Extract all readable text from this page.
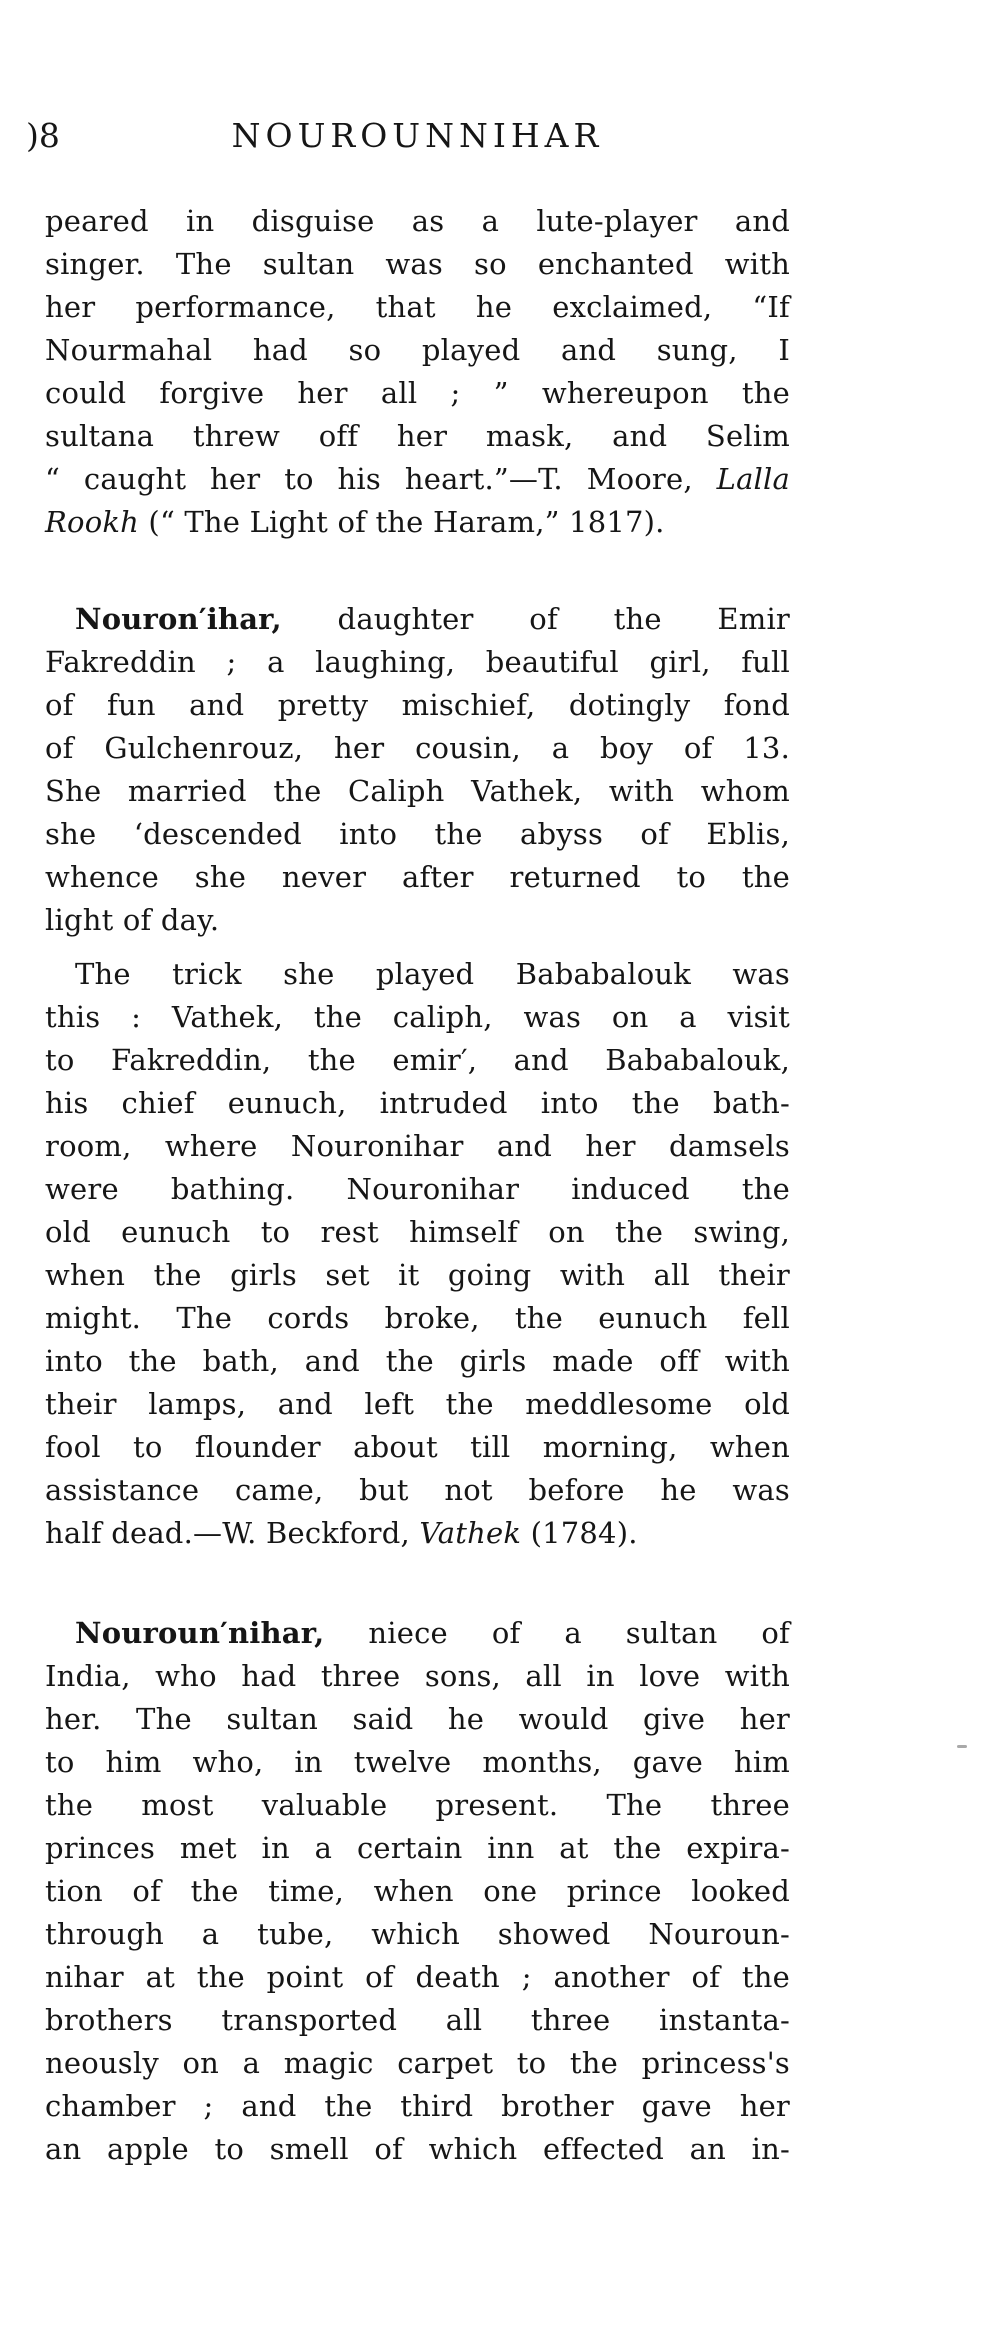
)8	NOUROUNNIHAR
peared in disguise as a lute-player and
singer. The sultan was so enchanted with
her performance, that he exclaimed, “If
Nourmahal had so played and sung, I
could forgive her all ; ” whereupon the
sultana threw off her mask, and Selim
“ caught her to his heart.”—T. Moore, Lalla
Rookh (“ The Light of the Haram,” 1817).
Nouron′ihar, daughter of the Emir
Fakreddin ; a laughing, beautiful girl, full
of fun and pretty mischief, dotingly fond
of Gulchenrouz, her cousin, a boy of 13.
She married the Caliph Vathek, with whom
she ‘descended into the abyss of Eblis,
whence she never after returned to the
light of day.
The trick she played Bababalouk was
this : Vathek, the caliph, was on a visit
to Fakreddin, the emir′, and Bababalouk,
his chief eunuch, intruded into the bath-
room, where Nouronihar and her damsels
were bathing. Nouronihar induced the
old eunuch to rest himself on the swing,
when the girls set it going with all their
might. The cords broke, the eunuch fell
into the bath, and the girls made off with
their lamps, and left the meddlesome old
fool to flounder about till morning, when
assistance came, but not before he was
half dead.—W. Beckford, Vathek (1784).
Nouroun′nihar, niece of a sultan of
India, who had three sons, all in love with
her. The sultan said he would give her
to him who, in twelve months, gave him
the most valuable present. The three
princes met in a certain inn at the expira-
tion of the time, when one prince looked
through a tube, which showed Nouroun-
nihar at the point of death ; another of the
brothers transported all three instanta-
neously on a magic carpet to the princess's
chamber ; and the third brother gave her
an apple to smell of which effected an in-
